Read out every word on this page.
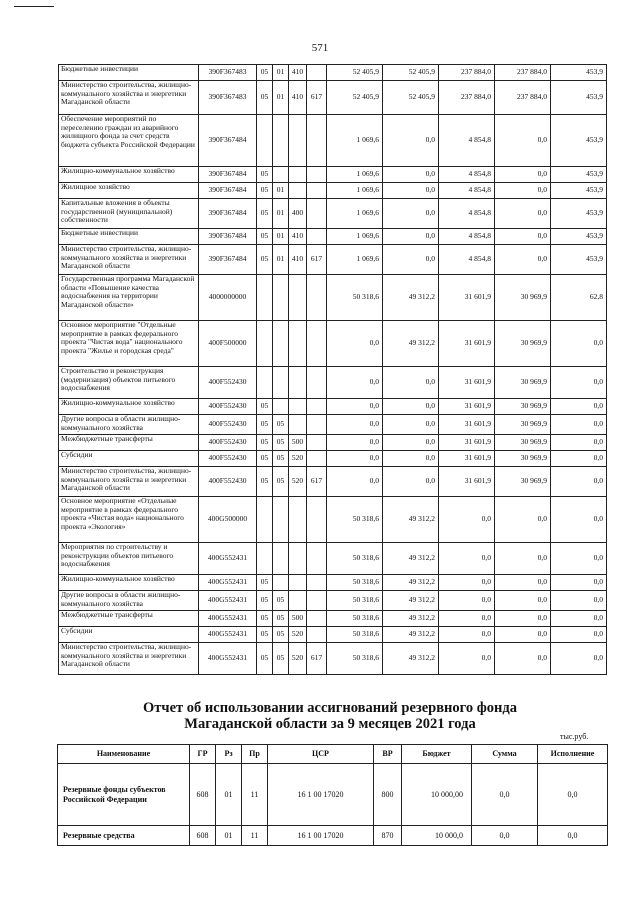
571
Бюджетные инвестиции	390F367483	05	01	410		52 405,9	52 405,9	237 884,0	237 884,0	453,9
Министерство строительства, жилищно-коммунального хозяйства и энергетики Магаданской области	390F367483	05	01	410	617	52 405,9	52 405,9	237 884,0	237 884,0	453,9
Обеспечение мероприятий по переселению граждан из аварийного жилищного фонда за счет средств бюджета субъекта Российской Федерации	390F367484					1 069,6	0,0	4 854,8	0,0	453,9
Жилищно-коммунальное хозяйство	390F367484	05				1 069,6	0,0	4 854,8	0,0	453,9
Жилищное хозяйство	390F367484	05	01			1 069,6	0,0	4 854,8	0,0	453,9
Капитальные вложения в объекты государственной (муниципальной) собственности	390F367484	05	01	400		1 069,6	0,0	4 854,8	0,0	453,9
Бюджетные инвестиции	390F367484	05	01	410		1 069,6	0,0	4 854,8	0,0	453,9
Министерство строительства, жилищно-коммунального хозяйства и энергетики Магаданской области	390F367484	05	01	410	617	1 069,6	0,0	4 854,8	0,0	453,9
Государственная программа Магаданской области «Повышение качества водоснабжения на территории Магаданской области»	4000000000					50 318,6	49 312,2	31 601,9	30 969,9	62,8
Основное мероприятие "Отдельные мероприятие в рамках федерального проекта "Чистая вода" национального проекта "Жилье и городская среда"	400F500000					0,0	49 312,2	31 601,9	30 969,9	0,0
Строительство и реконструкция (модернизация) объектов питьевого водоснабжения	400F552430					0,0	0,0	31 601,9	30 969,9	0,0
Жилищно-коммунальное хозяйство	400F552430	05				0,0	0,0	31 601,9	30 969,9	0,0
Другие вопросы в области жилищно-коммунального хозяйства	400F552430	05	05			0,0	0,0	31 601,9	30 969,9	0,0
Межбюджетные трансферты	400F552430	05	05	500		0,0	0,0	31 601,9	30 969,9	0,0
Субсидии	400F552430	05	05	520		0,0	0,0	31 601,9	30 969,9	0,0
Министерство строительства, жилищно-коммунального хозяйства и энергетики Магаданской области	400F552430	05	05	520	617	0,0	0,0	31 601,9	30 969,9	0,0
Основное мероприятие «Отдельные мероприятие в рамках федерального проекта «Чистая вода» национального проекта «Экология»	400G500000					50 318,6	49 312,2	0,0	0,0	0,0
Мероприятия по строительству и реконструкции объектов питьевого водоснабжения	400G552431					50 318,6	49 312,2	0,0	0,0	0,0
Жилищно-коммунальное хозяйство	400G552431	05				50 318,6	49 312,2	0,0	0,0	0,0
Другие вопросы в области жилищно-коммунального хозяйства	400G552431	05	05			50 318,6	49 312,2	0,0	0,0	0,0
Межбюджетные трансферты	400G552431	05	05	500		50 318,6	49 312,2	0,0	0,0	0,0
Субсидии	400G552431	05	05	520		50 318,6	49 312,2	0,0	0,0	0,0
Министерство строительства, жилищно-коммунального хозяйства и энергетики Магаданской области	400G552431	05	05	520	617	50 318,6	49 312,2	0,0	0,0	0,0
Отчет об использовании ассигнований резервного фонда
Магаданской области за 9 месяцев 2021 года
тыс.руб.
Наименование	ГР	Рз	Пр	ЦСР	ВР	Бюджет	Сумма	Исполнение
Резервные фонды субъектов Российской Федерации	608	01	11	16 1 00 17020	800	10 000,00	0,0	0,0
Резервные средства	608	01	11	16 1 00 17020	870	10 000,0	0,0	0,0
